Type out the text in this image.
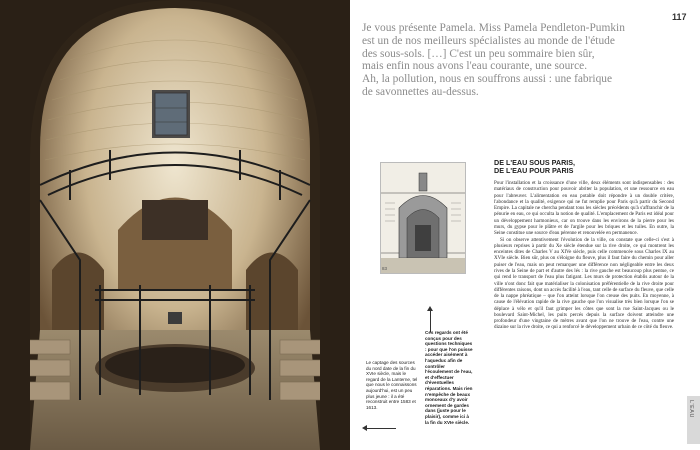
117

Je vous présente Pamela. Miss Pamela Pendleton-Pumkin

est un de nos meilleurs spécialistes au monde de l'étude

des sous-sols. […] C'est un peu sommaire bien sûr,

mais enfin nous avons l'eau courante, une source.

Ah, la pollution, nous en souffrons aussi : une fabrique

de savonnettes au-dessus.

83
DE L'EAU SOUS PARIS,
DE L'EAU POUR PARIS

Pour l'installation et la croissance d'une ville, deux éléments sont indispensables : des matériaux de construction pour pouvoir abriter la population, et une ressource en eau pour l'abreuver. L'alimentation en eau potable doit répondre à un double critère, l'abondance et la qualité, exigence qui ne fut remplie pour Paris qu'à partir du Second Empire. La capitale ne chercha pendant tous les siècles précédents qu'à s'affranchir de la pénurie en eau, ce qui occulta la notion de qualité. L'emplacement de Paris est idéal pour un développement harmonieux, car on trouve dans les environs de la pierre pour les murs, du gypse pour le plâtre et de l'argile pour les briques et les tuiles. En outre, la Seine constitue une source d'eau pérenne et renouvelée en permanence.

Si on observe attentivement l'évolution de la ville, on constate que celle-ci s'est à plusieurs reprises à partir du Xe siècle étendue sur la rive droite, ce qui montrent les enceintes dites de Charles V au XIVe siècle, puis celle commencée sous Charles IX au XVIe siècle. Bien sûr, plus on s'éloigne du fleuve, plus il faut faire du chemin pour aller puiser de l'eau, mais on peut remarquer une différence non négligeable entre les deux rives de la Seine de part et d'autre des lés : la rive gauche est beaucoup plus pentue, ce qui rend le transport de l'eau plus fatigant. Les murs de protection établis autour de la ville n'ont donc fait que matérialiser la colonisation préférentielle de la rive droite pour différentes raisons, dont un accès facilité à l'eau, tant celle de surface du fleuve, que celle de la nappe phréatique – que l'on atteint lorsque l'on creuse des puits. En moyenne, à cause de l'élévation rapide de la rive gauche que l'on visualise très bien lorsque l'on se déplace à vélo et qu'il faut grimper les côtes que sont la rue Saint-Jacques ou le boulevard Saint-Michel, les puits percés depuis la surface doivent atteindre une profondeur d'une vingtaine de mètres avant que l'on ne trouve de l'eau, contre une dizaine sur la rive droite, ce qui a renforcé le développement urbain de ce côté du fleuve.

Le captage des sources du nord date de la fin du XVIe siècle, mais le regard de la Lanterne, tel que nous le connaissons aujourd'hui, est un peu plus jeune : il a été reconstruit entre 1583 et 1613.
Ces regards ont été conçus pour des questions techniques : pour que l'on puisse accéder aisément à l'aqueduc afin de contrôler l'écoulement de l'eau, et d'effectuer d'éventuelles réparations. Mais rien n'empêche de beaux monceaux d'y avoir ornement de gardes dans (juste pour le plaisir), comme ici à la fin du XVIe siècle.
L'EAU
